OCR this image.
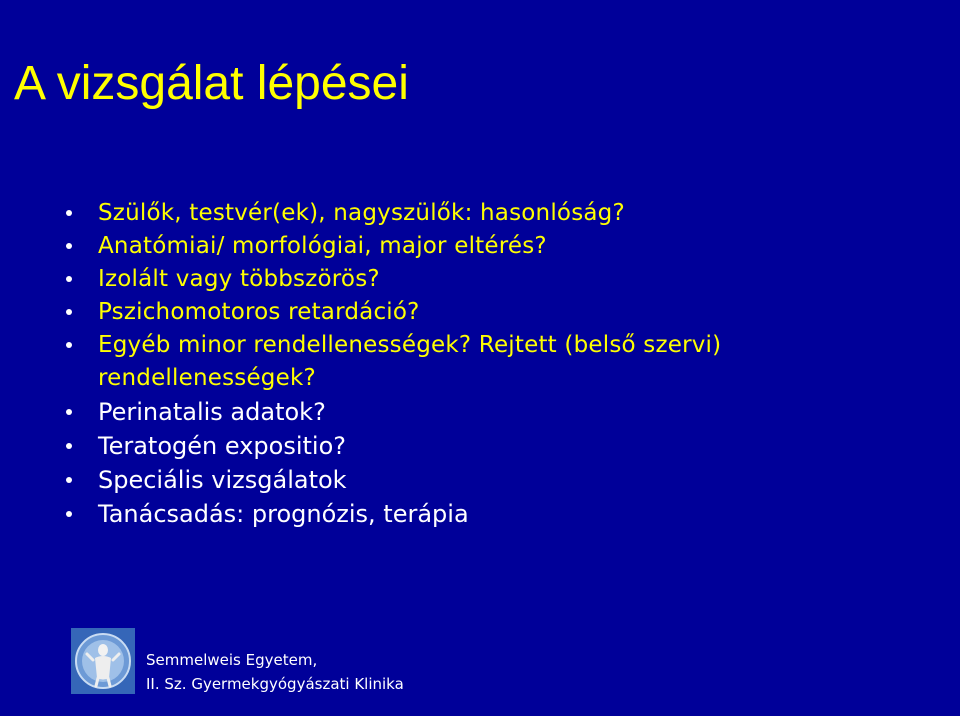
A vizsgálat lépései
Szülők, testvér(ek), nagyszülők: hasonlóság?
Anatómiai/ morfológiai, major eltérés?
Izolált vagy többszörös?
Pszichomotoros retardáció?
Egyéb minor rendellenességek? Rejtett (belső szervi) rendellenességek?
Perinatalis adatok?
Teratogén expositio?
Speciális vizsgálatok
Tanácsadás: prognózis, terápia
Semmelweis Egyetem,
II. Sz. Gyermekgyógyászati Klinika
